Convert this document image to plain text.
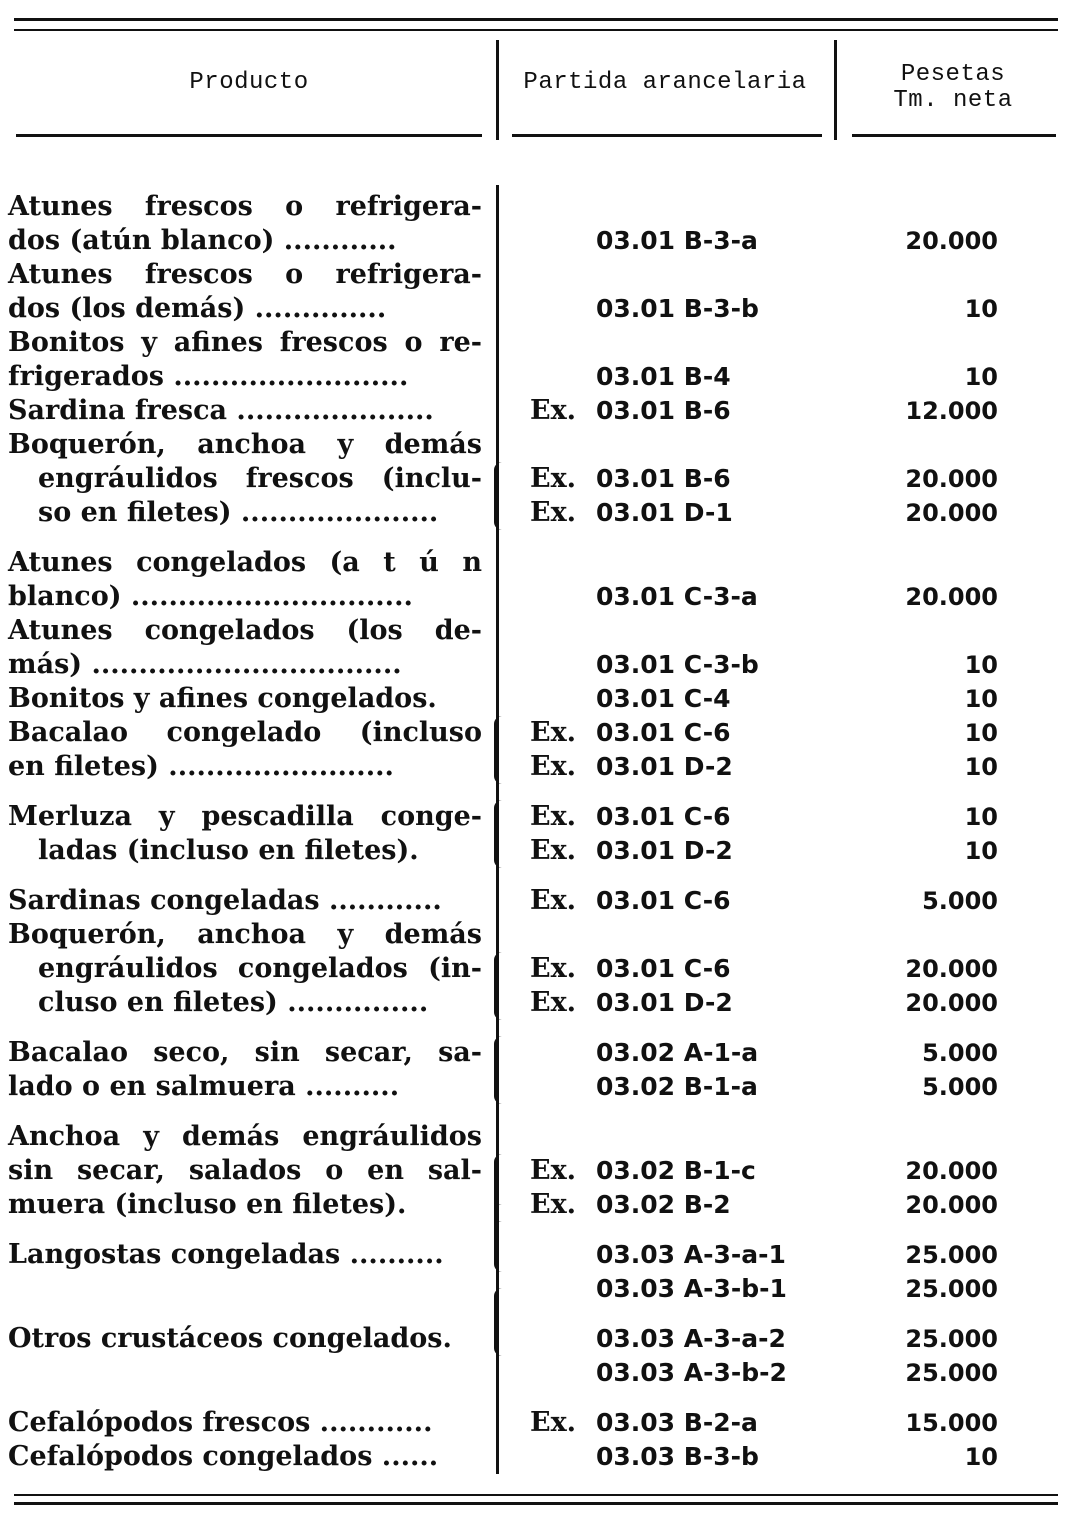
Producto	Partida arancelaria	Pesetas
Tm. neta
Atunes frescos o refrigera-
dos (atún blanco) ............	03.01 B-3-a	20.000
Atunes frescos o refrigera-
dos (los demás) ..............	03.01 B-3-b	10
Bonitos y afines frescos o re-
frigerados .........................	03.01 B-4	10
Sardina fresca .....................	Ex. 03.01 B-6	12.000
Boquerón, anchoa y demás
engráulidos frescos (inclu-
so en filetes) .....................
Ex. 03.01 B-6	20.000
Ex. 03.01 D-1	20.000
Atunes congelados (a t ú n
blanco) ..............................	03.01 C-3-a	20.000
Atunes congelados (los de-
más) .................................	03.01 C-3-b	10
Bonitos y afines congelados.	03.01 C-4	10
Bacalao congelado (incluso
en filetes) ........................
Ex. 03.01 C-6	10
Ex. 03.01 D-2	10
Merluza y pescadilla conge-
ladas (incluso en filetes).
Ex. 03.01 C-6	10
Ex. 03.01 D-2	10
Sardinas congeladas ............	Ex. 03.01 C-6	5.000
Boquerón, anchoa y demás
engráulidos congelados (in-
cluso en filetes) ...............
Ex. 03.01 C-6	20.000
Ex. 03.01 D-2	20.000
Bacalao seco, sin secar, sa-
lado o en salmuera ..........
03.02 A-1-a	5.000
03.02 B-1-a	5.000
Anchoa y demás engráulidos
sin secar, salados o en sal-
muera (incluso en filetes).
Ex. 03.02 B-1-c	20.000
Ex. 03.02 B-2	20.000
Langostas congeladas ..........	03.03 A-3-a-1	25.000
03.03 A-3-b-1	25.000
Otros crustáceos congelados.	03.03 A-3-a-2	25.000
03.03 A-3-b-2	25.000
Cefalópodos frescos ............	Ex. 03.03 B-2-a	15.000
Cefalópodos congelados ......	03.03 B-3-b	10
